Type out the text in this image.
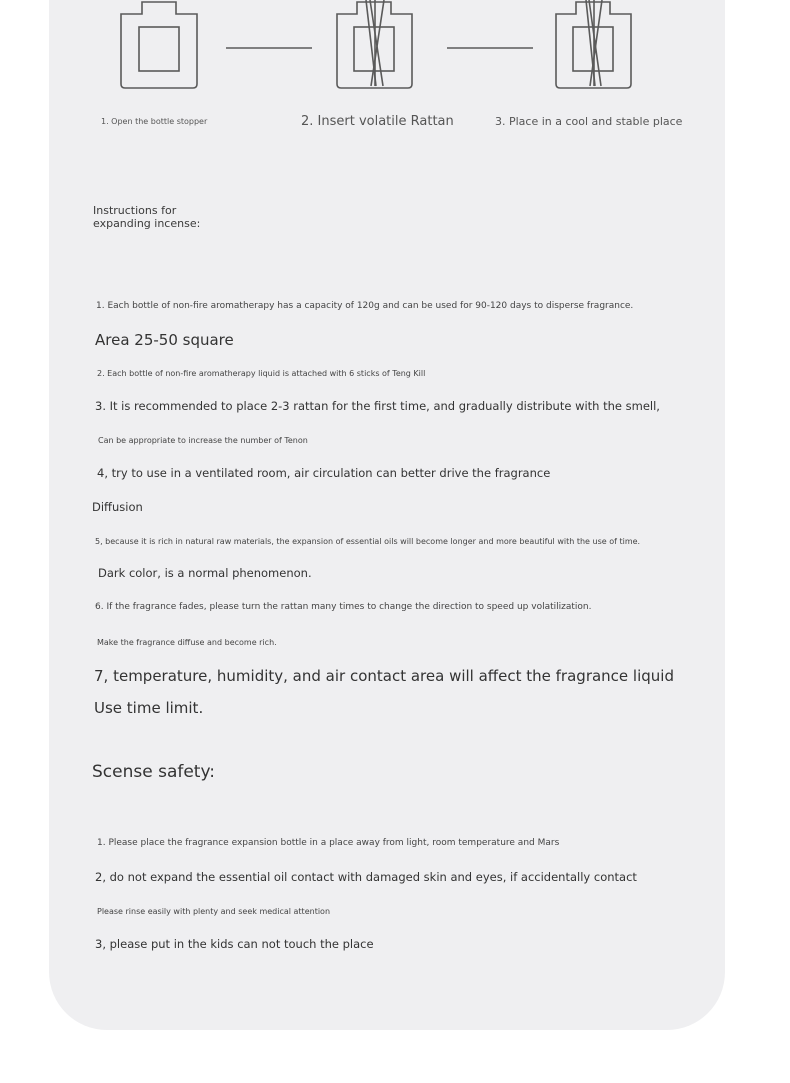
1. Open the bottle stopper	2. Insert volatile Rattan	3. Place in a cool and stable place
Instructions for
expanding incense:
1. Each bottle of non-fire aromatherapy has a capacity of 120g and can be used for 90-120 days to disperse fragrance.
Area 25-50 square
2. Each bottle of non-fire aromatherapy liquid is attached with 6 sticks of Teng Kill
3. It is recommended to place 2-3 rattan for the first time, and gradually distribute with the smell,
Can be appropriate to increase the number of Tenon
4, try to use in a ventilated room, air circulation can better drive the fragrance
Diffusion
5, because it is rich in natural raw materials, the expansion of essential oils will become longer and more beautiful with the use of time.
Dark color, is a normal phenomenon.
6. If the fragrance fades, please turn the rattan many times to change the direction to speed up volatilization.
Make the fragrance diffuse and become rich.
7, temperature, humidity, and air contact area will affect the fragrance liquid
Use time limit.
Scense safety:
1. Please place the fragrance expansion bottle in a place away from light, room temperature and Mars
2, do not expand the essential oil contact with damaged skin and eyes, if accidentally contact
Please rinse easily with plenty and seek medical attention
3, please put in the kids can not touch the place
